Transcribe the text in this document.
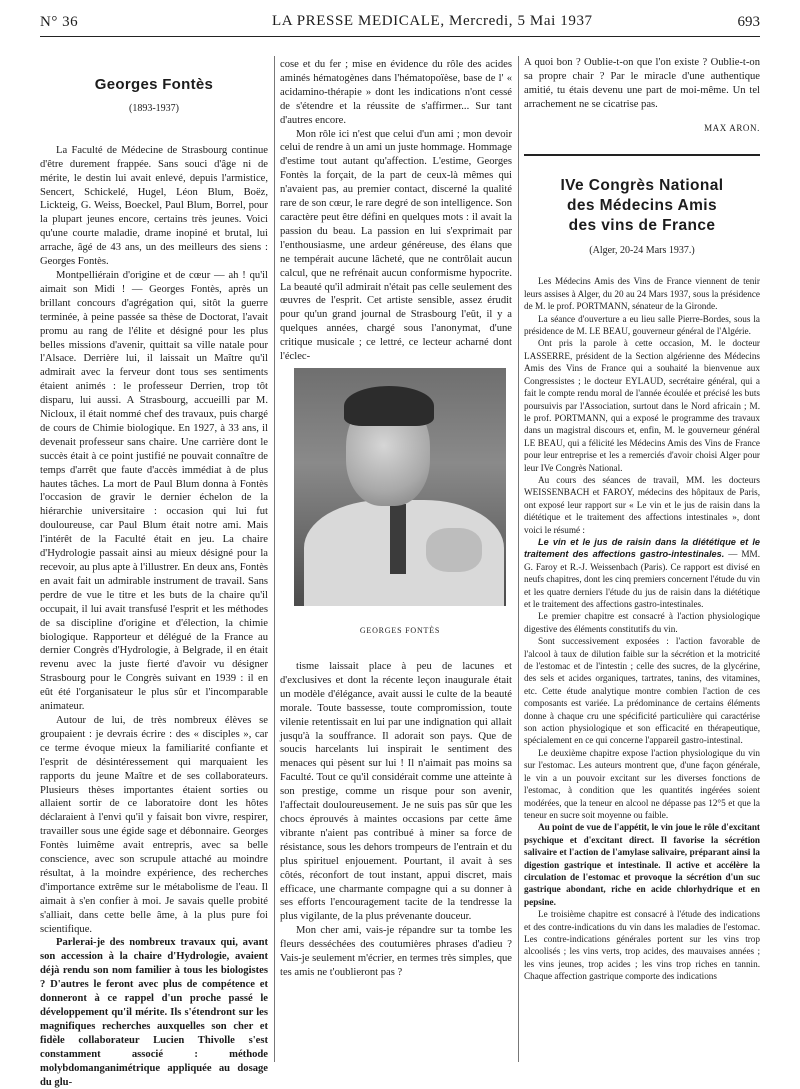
N° 36	LA PRESSE MEDICALE, Mercredi, 5 Mai 1937	693
Georges Fontès
(1893-1937)

La Faculté de Médecine de Strasbourg continue d'être durement frappée. Sans souci d'âge ni de mérite, le destin lui avait enlevé, depuis l'armistice, Sencert, Schickelé, Hugel, Léon Blum, Boëz, Lickteig, G. Weiss, Boeckel, Paul Blum, Borrel, pour la plupart jeunes encore, certains très jeunes. Voici qu'une courte maladie, drame inopiné et brutal, lui arrache, âgé de 43 ans, un des meilleurs des siens : Georges Fontès.

Montpelliérain d'origine et de cœur — ah ! qu'il aimait son Midi ! — Georges Fontès, après un brillant concours d'agrégation qui, sitôt la guerre terminée, à peine passée sa thèse de Doctorat, l'avait promu au rang de l'élite et désigné pour les plus belles missions d'avenir, quittait sa ville natale pour l'Alsace. Derrière lui, il laissait un Maître qu'il admirait avec la ferveur dont tous ses sentiments étaient animés : le professeur Derrien, trop tôt disparu, lui aussi. A Strasbourg, accueilli par M. Nicloux, il était nommé chef des travaux, puis chargé de cours de Chimie biologique. En 1927, à 33 ans, il devenait professeur sans chaire. Une carrière dont le succès était à ce point justifié ne pouvait connaître de temps d'arrêt que faute d'accès immédiat à de plus hautes tâches. La mort de Paul Blum donna à Fontès l'occasion de gravir le dernier échelon de la hiérarchie universitaire : occasion qui lui fut douloureuse, car Paul Blum était notre ami. Mais l'intérêt de la Faculté était en jeu. La chaire d'Hydrologie passait ainsi au mieux désigné pour la recevoir, au plus apte à l'illustrer. En deux ans, Fontès en avait fait un admirable instrument de travail. Sans perdre de vue le titre et les buts de la chaire qu'il occupait, il lui avait transfusé l'esprit et les méthodes de sa discipline d'origine et d'élection, la chimie biologique. Rapporteur et délégué de la France au dernier Congrès d'Hydrologie, à Belgrade, il en était revenu avec la juste fierté d'avoir vu désigner Strasbourg pour le Congrès suivant en 1939 : il en eût été l'organisateur le plus sûr et l'incomparable animateur.

Autour de lui, de très nombreux élèves se groupaient : je devrais écrire : des « disciples », car ce terme évoque mieux la familiarité confiante et l'esprit de désintéressement qui marquaient les rapports du jeune Maître et de ses collaborateurs. Plusieurs thèses importantes étaient sorties ou allaient sortir de ce laboratoire dont les hôtes déclaraient à l'envi qu'il y faisait bon vivre, respirer, travailler sous une égide sage et débonnaire. Georges Fontès luimême avait entrepris, avec sa belle conscience, avec son scrupule attaché au moindre résultat, à la moindre expérience, des recherches d'importance extrême sur le métabolisme de l'eau. Il aimait à s'en confier à moi. Je savais quelle probité s'alliait, dans cette belle âme, à la plus pure foi scientifique.

Parlerai-je des nombreux travaux qui, avant son accession à la chaire d'Hydrologie, avaient déjà rendu son nom familier à tous les biologistes ? D'autres le feront avec plus de compétence et donneront à ce rappel d'un proche passé le développement qu'il mérite. Ils s'étendront sur les magnifiques recherches auxquelles son cher et fidèle collaborateur Lucien Thivolle s'est constamment associé : méthode molybdomanganimétrique appliquée au dosage du glu-

cose et du fer ; mise en évidence du rôle des acides aminés hématogènes dans l'hématopoïèse, base de l' « acidamino-thérapie » dont les indications n'ont cessé de s'étendre et la réussite de s'affirmer... Sur tant d'autres encore.

Mon rôle ici n'est que celui d'un ami ; mon devoir celui de rendre à un ami un juste hommage. Hommage d'estime tout autant qu'affection. L'estime, Georges Fontès la forçait, de la part de ceux-là mêmes qui n'avaient pas, au premier contact, discerné la qualité rare de son cœur, le rare degré de son intelligence. Son caractère peut être défini en quelques mots : il avait la passion du beau. La passion en lui s'exprimait par l'enthousiasme, une ardeur généreuse, des élans que ne tempérait aucune lâcheté, que ne contrôlait aucun calcul, que ne refrénait aucun conformisme hypocrite. La beauté qu'il admirait n'était pas celle seulement des œuvres de l'esprit. Cet artiste sensible, assez érudit pour qu'un grand journal de Strasbourg l'eût, il y a quelques années, chargé sous l'anonymat, d'une critique musicale ; ce lettré, ce lecteur acharné dont l'éclec-

GEORGES FONTÈS

tisme laissait place à peu de lacunes et d'exclusives et dont la récente leçon inaugurale était un modèle d'élégance, avait aussi le culte de la beauté morale. Toute bassesse, toute compromission, toute vilenie retentissait en lui par une indignation qui allait jusqu'à la souffrance. Il adorait son pays. Que de soucis harcelants lui inspirait le sentiment des menaces qui pèsent sur lui ! Il n'aimait pas moins sa Faculté. Tout ce qu'il considérait comme une atteinte à son prestige, comme un risque pour son avenir, l'affectait douloureusement. Je ne suis pas sûr que les chocs éprouvés à maintes occasions par cette âme vibrante n'aient pas contribué à miner sa force de résistance, sous les dehors trompeurs de l'entrain et du plus spirituel enjouement. Pourtant, il avait à ses côtés, réconfort de tout instant, appui discret, mais efficace, une charmante compagne qui a su donner à ses efforts l'encouragement tacite de la tendresse la plus vigilante, de la plus prévenante douceur.

Mon cher ami, vais-je répandre sur ta tombe les fleurs desséchées des coutumières phrases d'adieu ? Vais-je seulement m'écrier, en termes très simples, que tes amis ne t'oublieront pas ?

A quoi bon ? Oublie-t-on que l'on existe ? Oublie-t-on sa propre chair ? Par le miracle d'une authentique amitié, tu étais devenu une part de moi-même. Un tel arrachement ne se cicatrise pas.

MAX ARON.
IVe Congrès National
des Médecins Amis
des vins de France
(Alger, 20-24 Mars 1937.)

Les Médecins Amis des Vins de France viennent de tenir leurs assises à Alger, du 20 au 24 Mars 1937, sous la présidence de M. le prof. PORTMANN, sénateur de la Gironde.

La séance d'ouverture a eu lieu salle Pierre-Bordes, sous la présidence de M. LE BEAU, gouverneur général de l'Algérie.

Ont pris la parole à cette occasion, M. le docteur LASSERRE, président de la Section algérienne des Médecins Amis des Vins de France qui a souhaité la bienvenue aux Congressistes ; le docteur EYLAUD, secrétaire général, qui a fait le compte rendu moral de l'année écoulée et précisé les buts poursuivis par l'Association, surtout dans le Nord africain ; M. le prof. PORTMANN, qui a exposé le programme des travaux dans un magistral discours et, enfin, M. le gouverneur général LE BEAU, qui a félicité les Médecins Amis des Vins de France pour leur entreprise et les a remerciés d'avoir choisi Alger pour leur IVe Congrès National.

Au cours des séances de travail, MM. les docteurs WEISSENBACH et FAROY, médecins des hôpitaux de Paris, ont exposé leur rapport sur « Le vin et le jus de raisin dans la diététique et le traitement des affections intestinales », dont voici le résumé :

Le vin et le jus de raisin dans la diététique et le traitement des affections gastro-intestinales. — MM. G. Faroy et R.-J. Weissenbach (Paris). Ce rapport est divisé en neufs chapitres, dont les cinq premiers concernent l'étude du vin et les quatre derniers l'étude du jus de raisin dans la diététique et le traitement des affections gastro-intestinales.

Le premier chapitre est consacré à l'action physiologique digestive des éléments constitutifs du vin.

Sont successivement exposées : l'action favorable de l'alcool à taux de dilution faible sur la sécrétion et la motricité de l'estomac et de l'intestin ; celle des sucres, de la glycérine, des sels et acides organiques, tartrates, tanins, des vitamines, etc. Cette étude analytique montre combien l'action de ces composants est variée. La prédominance de certains éléments donne à chaque cru une spécificité particulière qui caractérise son action physiologique et son efficacité en thérapeutique, spécialement en ce qui concerne l'appareil gastro-intestinal.

Le deuxième chapitre expose l'action physiologique du vin sur l'estomac. Les auteurs montrent que, d'une façon générale, le vin a un pouvoir excitant sur les diverses fonctions de l'estomac, à condition que les quantités ingérées soient modérées, que la teneur en alcool ne dépasse pas 12°5 et que la teneur en sucre soit moyenne ou faible.

Au point de vue de l'appétit, le vin joue le rôle d'excitant psychique et d'excitant direct. Il favorise la sécrétion salivaire et l'action de l'amylase salivaire, préparant ainsi la digestion gastrique et intestinale. Il active et accélère la circulation de l'estomac et provoque la sécrétion d'un suc gastrique abondant, riche en acide chlorhydrique et en pepsine.

Le troisième chapitre est consacré à l'étude des indications et des contre-indications du vin dans les maladies de l'estomac. Les contre-indications générales portent sur les vins trop alcoolisés ; les vins verts, trop acides, des mauvaises années ; les vins jeunes, trop acides ; les vins trop riches en tannin. Chaque affection gastrique comporte des indications
